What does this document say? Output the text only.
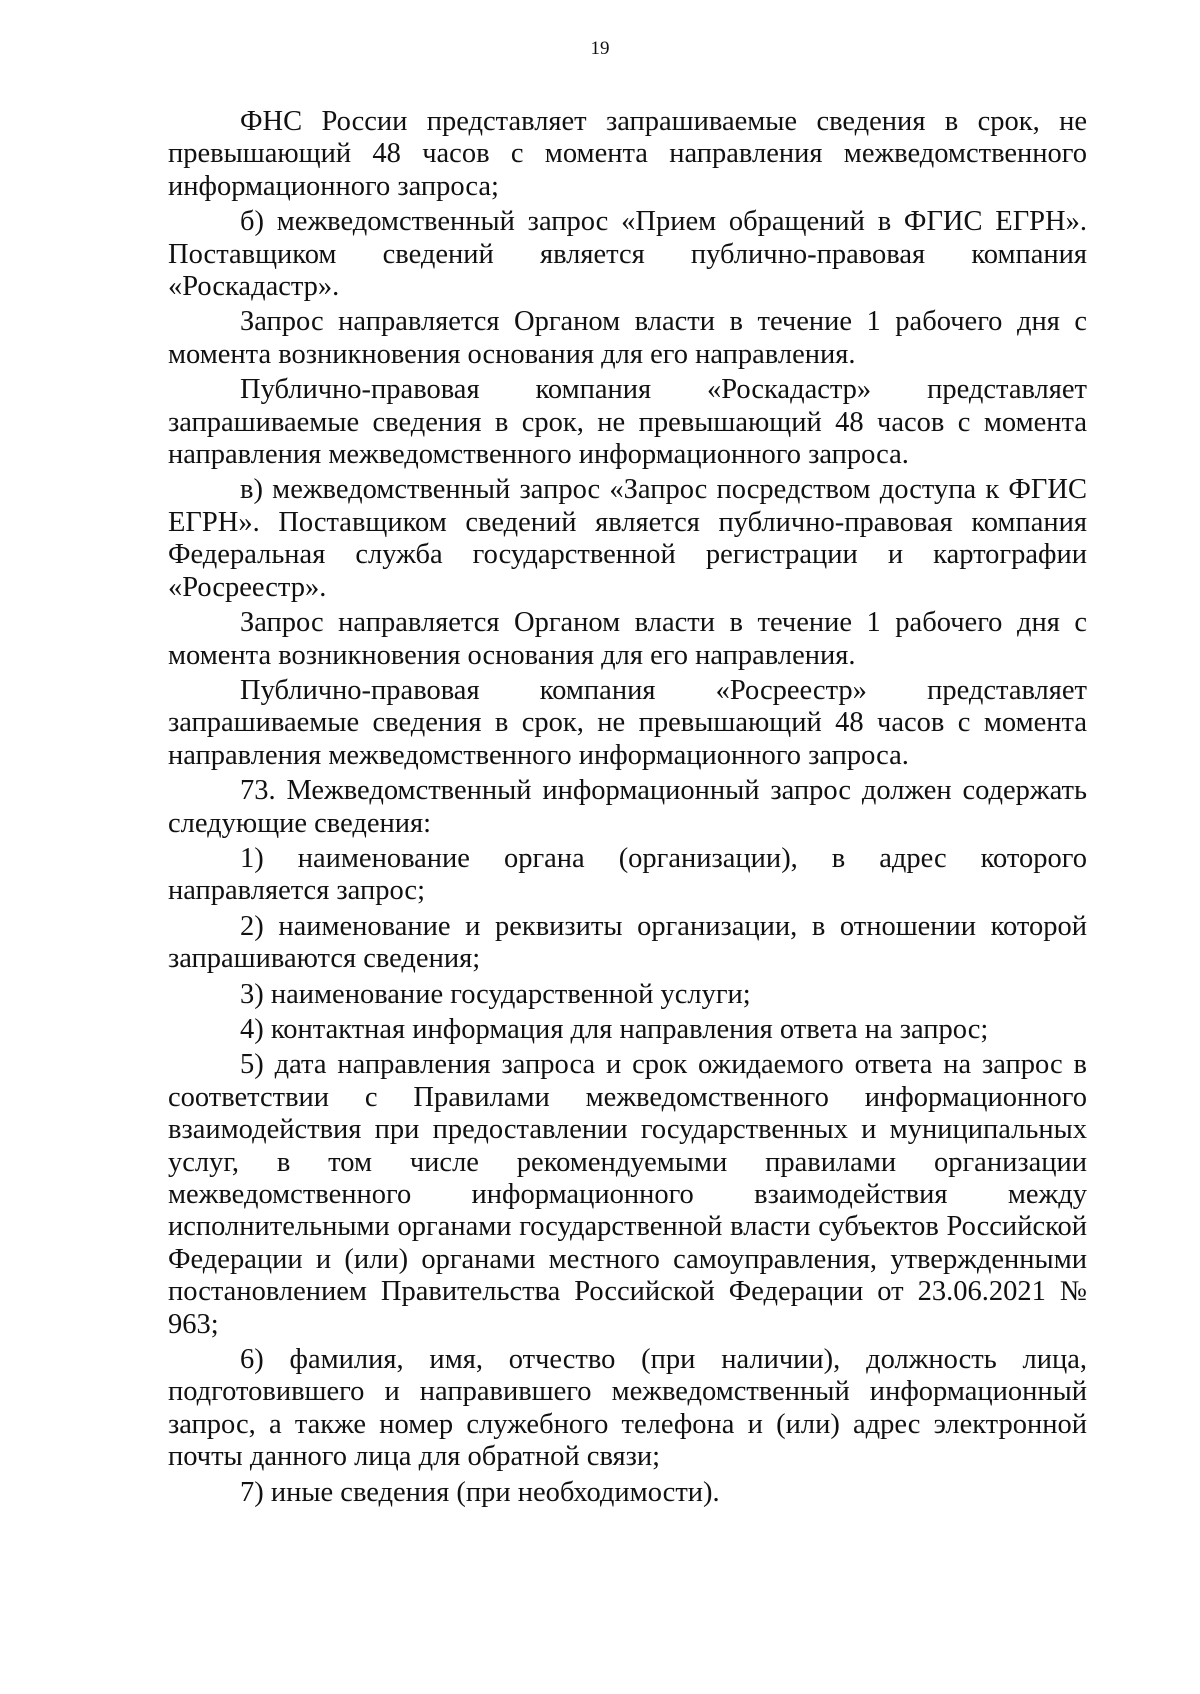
19

ФНС России представляет запрашиваемые сведения в срок, не превышающий 48 часов с момента направления межведомственного информационного запроса;

б) межведомственный запрос «Прием обращений в ФГИС ЕГРН». Поставщиком сведений является публично-правовая компания «Роскадастр».

Запрос направляется Органом власти в течение 1 рабочего дня с момента возникновения основания для его направления.

Публично-правовая компания «Роскадастр» представляет запрашиваемые сведения в срок, не превышающий 48 часов с момента направления межведомственного информационного запроса.

в) межведомственный запрос «Запрос посредством доступа к ФГИС ЕГРН». Поставщиком сведений является публично-правовая компания Федеральная служба государственной регистрации и картографии «Росреестр».

Запрос направляется Органом власти в течение 1 рабочего дня с момента возникновения основания для его направления.

Публично-правовая компания «Росреестр» представляет запрашиваемые сведения в срок, не превышающий 48 часов с момента направления межведомственного информационного запроса.

73. Межведомственный информационный запрос должен содержать следующие сведения:

1) наименование органа (организации), в адрес которого направляется запрос;

2) наименование и реквизиты организации, в отношении которой запрашиваются сведения;

3) наименование государственной услуги;

4) контактная информация для направления ответа на запрос;

5) дата направления запроса и срок ожидаемого ответа на запрос в соответствии с Правилами межведомственного информационного взаимодействия при предоставлении государственных и муниципальных услуг, в том числе рекомендуемыми правилами организации межведомственного информационного взаимодействия между исполнительными органами государственной власти субъектов Российской Федерации и (или) органами местного самоуправления, утвержденными постановлением Правительства Российской Федерации от 23.06.2021 № 963;

6) фамилия, имя, отчество (при наличии), должность лица, подготовившего и направившего межведомственный информационный запрос, а также номер служебного телефона и (или) адрес электронной почты данного лица для обратной связи;

7) иные сведения (при необходимости).
